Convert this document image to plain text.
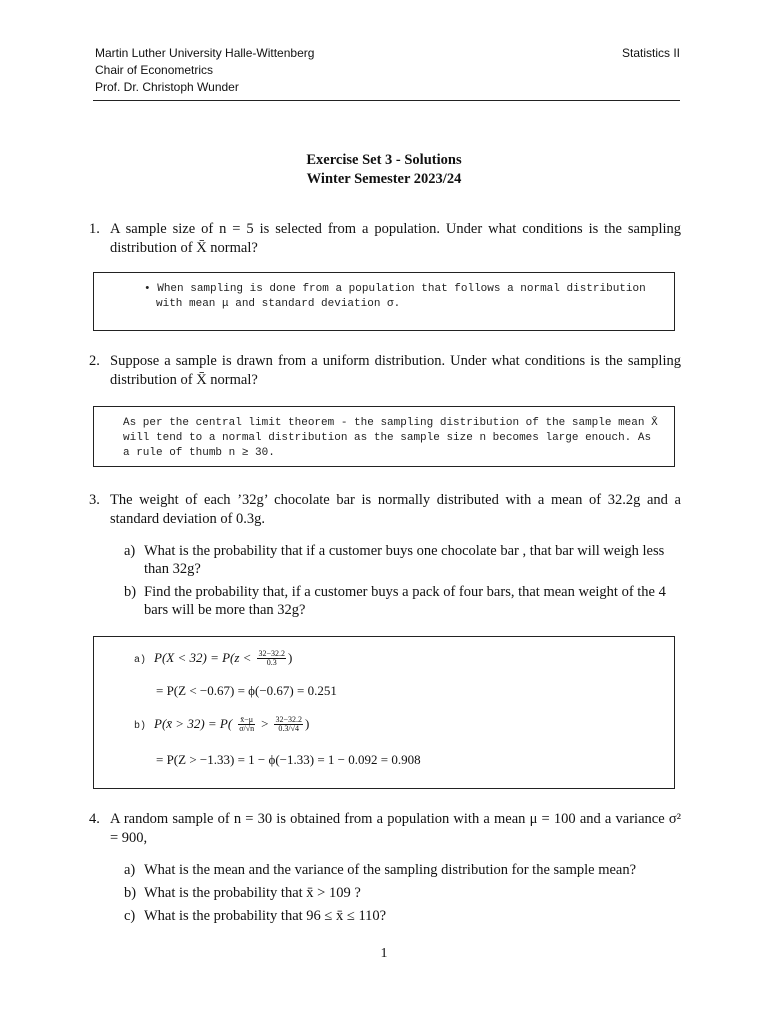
Martin Luther University Halle-Wittenberg
Chair of Econometrics
Prof. Dr. Christoph Wunder
Statistics II
Exercise Set 3 - Solutions
Winter Semester 2023/24
1. A sample size of n = 5 is selected from a population. Under what conditions is the sampling distribution of X̄ normal?
• When sampling is done from a population that follows a normal distribution
with mean μ and standard deviation σ.
2. Suppose a sample is drawn from a uniform distribution. Under what conditions is the sampling distribution of X̄ normal?
As per the central limit theorem - the sampling distribution of the sample mean X̄
will tend to a normal distribution as the sample size n becomes large enouch. As
a rule of thumb n ≥ 30.
3. The weight of each ’32g’ chocolate bar is normally distributed with a mean of 32.2g and a standard deviation of 0.3g.
a) What is the probability that if a customer buys one chocolate bar , that bar will weigh less than 32g?
b) Find the probability that, if a customer buys a pack of four bars, that mean weight of the 4 bars will be more than 32g?
a) $P(X < 32) = P(z < \frac{32-32.2}{0.3}$ )
= P(Z < −0.67) = ϕ(−0.67) = 0.251
b) P(x̄ > $32) = P( \frac{x̄-\mu}{\sigma/√n} > \frac{32-32.2}{0.3/√4}$ )
= P(Z > −1.33) = 1 − ϕ(−1.33) = 1 − 0.092 = 0.908
4. A random sample of n = 30 is obtained from a population with a mean μ = 100 and a variance σ² = 900,
a) What is the mean and the variance of the sampling distribution for the sample mean?
b) What is the probability that x̄ > 109 ?
c) What is the probability that 96 ≤ x̄ ≤ 110?
1
